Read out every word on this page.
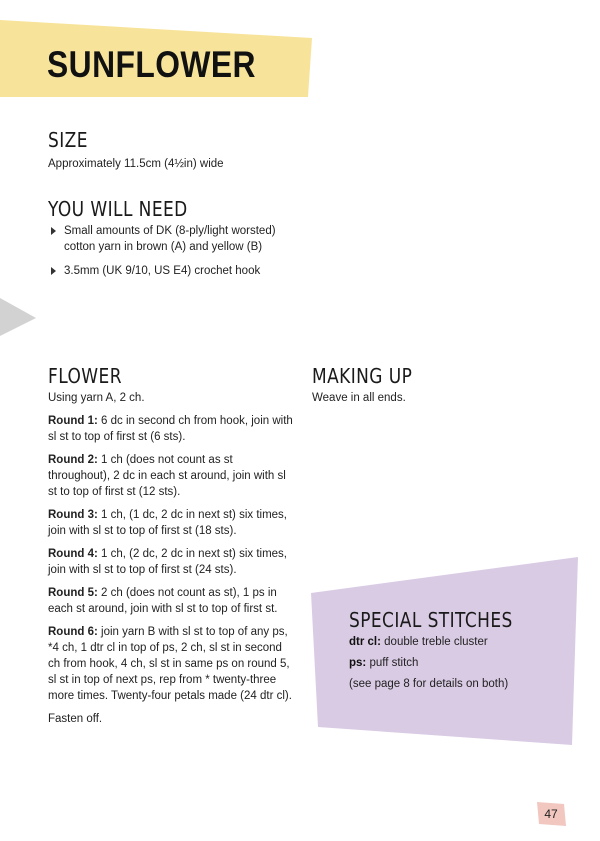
SUNFLOWER
SIZE

Approximately 11.5cm (4½in) wide

YOU WILL NEED
Small amounts of DK (8-ply/light worsted) cotton yarn in brown (A) and yellow (B)
3.5mm (UK 9/10, US E4) crochet hook
FLOWER

Using yarn A, 2 ch.

Round 1: 6 dc in second ch from hook, join with sl st to top of first st (6 sts).

Round 2: 1 ch (does not count as st throughout), 2 dc in each st around, join with sl st to top of first st (12 sts).

Round 3: 1 ch, (1 dc, 2 dc in next st) six times, join with sl st to top of first st (18 sts).

Round 4: 1 ch, (2 dc, 2 dc in next st) six times, join with sl st to top of first st (24 sts).

Round 5: 2 ch (does not count as st), 1 ps in each st around, join with sl st to top of first st.

Round 6: join yarn B with sl st to top of any ps, *4 ch, 1 dtr cl in top of ps, 2 ch, sl st in second ch from hook, 4 ch, sl st in same ps on round 5, sl st in top of next ps, rep from * twenty-three more times. Twenty-four petals made (24 dtr cl).

Fasten off.

MAKING UP

Weave in all ends.

SPECIAL STITCHES

dtr cl: double treble cluster

ps: puff stitch

(see page 8 for details on both)

47
